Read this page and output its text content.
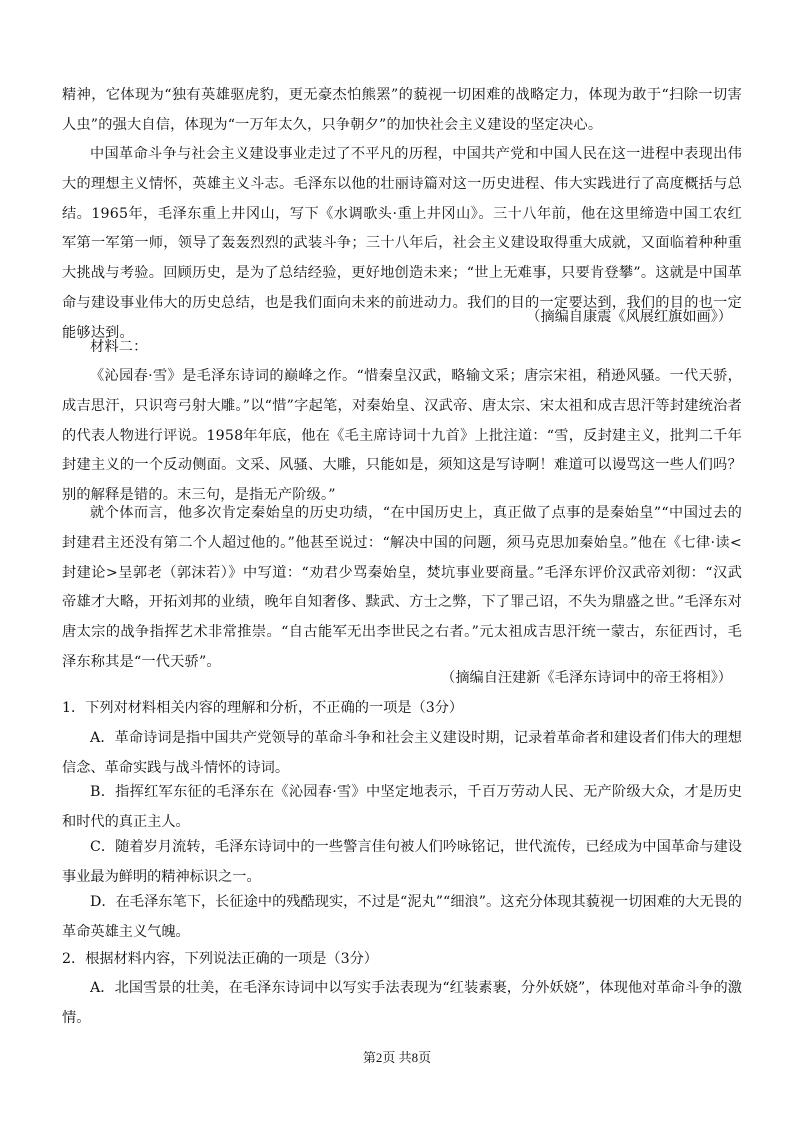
精神，它体现为“独有英雄驱虎豹，更无豪杰怕熊罴”的藐视一切困难的战略定力，体现为敢于“扫除一切害人虫”的强大自信，体现为“一万年太久，只争朝夕”的加快社会主义建设的坚定决心。

中国革命斗争与社会主义建设事业走过了不平凡的历程，中国共产党和中国人民在这一进程中表现出伟大的理想主义情怀，英雄主义斗志。毛泽东以他的壮丽诗篇对这一历史进程、伟大实践进行了高度概括与总结。1965年，毛泽东重上井冈山，写下《水调歌头·重上井冈山》。三十八年前，他在这里缔造中国工农红军第一军第一师，领导了轰轰烈烈的武装斗争；三十八年后，社会主义建设取得重大成就，又面临着种种重大挑战与考验。回顾历史，是为了总结经验，更好地创造未来；“世上无难事，只要肯登攀”。这就是中国革命与建设事业伟大的历史总结，也是我们面向未来的前进动力。我们的目的一定要达到，我们的目的也一定能够达到。

（摘编自康震《风展红旗如画》）

材料二：

《沁园春·雪》是毛泽东诗词的巅峰之作。“惜秦皇汉武，略输文采；唐宗宋祖，稍逊风骚。一代天骄，成吉思汗，只识弯弓射大雕。”以“惜”字起笔，对秦始皇、汉武帝、唐太宗、宋太祖和成吉思汗等封建统治者的代表人物进行评说。1958年年底，他在《毛主席诗词十九首》上批注道：“雪，反封建主义，批判二千年封建主义的一个反动侧面。文采、风骚、大雕，只能如是，须知这是写诗啊！难道可以谩骂这一些人们吗？别的解释是错的。末三句，是指无产阶级。”

就个体而言，他多次肯定秦始皇的历史功绩，“在中国历史上，真正做了点事的是秦始皇”“中国过去的封建君主还没有第二个人超过他的。”他甚至说过：“解决中国的问题，须马克思加秦始皇。”他在《七律·读<封建论>呈郭老（郭沫若）》中写道：“劝君少骂秦始皇，焚坑事业要商量。”毛泽东评价汉武帝刘彻：“汉武帝雄才大略，开拓刘邦的业绩，晚年自知奢侈、黩武、方士之弊，下了罪己诏，不失为鼎盛之世。”毛泽东对唐太宗的战争指挥艺术非常推崇。“自古能军无出李世民之右者。”元太祖成吉思汗统一蒙古，东征西讨，毛泽东称其是“一代天骄”。

（摘编自汪建新《毛泽东诗词中的帝王将相》）

1．下列对材料相关内容的理解和分析，不正确的一项是（3分）

A．革命诗词是指中国共产党领导的革命斗争和社会主义建设时期，记录着革命者和建设者们伟大的理想信念、革命实践与战斗情怀的诗词。

B．指挥红军东征的毛泽东在《沁园春·雪》中坚定地表示，千百万劳动人民、无产阶级大众，才是历史和时代的真正主人。

C．随着岁月流转，毛泽东诗词中的一些警言佳句被人们吟咏铭记，世代流传，已经成为中国革命与建设事业最为鲜明的精神标识之一。

D．在毛泽东笔下，长征途中的残酷现实，不过是“泥丸”“细浪”。这充分体现其藐视一切困难的大无畏的革命英雄主义气魄。

2．根据材料内容，下列说法正确的一项是（3分）

A．北国雪景的壮美，在毛泽东诗词中以写实手法表现为“红装素裹，分外妖娆”，体现他对革命斗争的激情。

第2页 共8页
